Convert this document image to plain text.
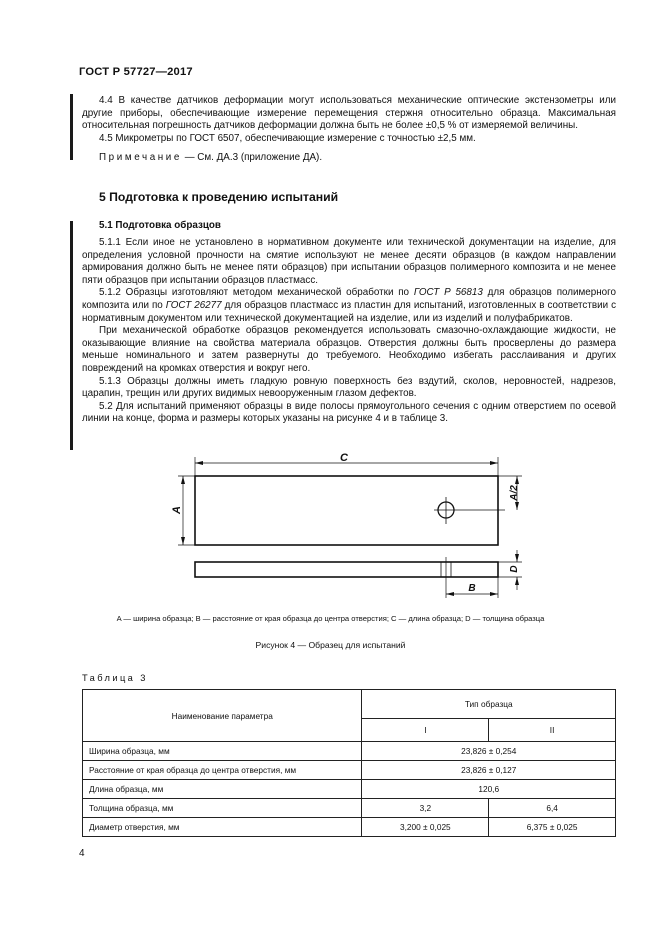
ГОСТ Р 57727—2017

4.4 В качестве датчиков деформации могут использоваться механические оптические экстензометры или другие приборы, обеспечивающие измерение перемещения стержня относительно образца. Максимальная относительная погрешность датчиков деформации должна быть не более ±0,5 % от измеряемой величины.

4.5 Микрометры по ГОСТ 6507, обеспечивающие измерение с точностью ±2,5 мм.

Примечание — См. ДА.3 (приложение ДА).

5 Подготовка к проведению испытаний
5.1 Подготовка образцов

5.1.1 Если иное не установлено в нормативном документе или технической документации на изделие, для определения условной прочности на смятие используют не менее десяти образцов (в каждом направлении армирования должно быть не менее пяти образцов) при испытании образцов полимерного композита и не менее пяти образцов при испытании образцов пластмасс.

5.1.2 Образцы изготовляют методом механической обработки по ГОСТ Р 56813 для образцов полимерного композита или по ГОСТ 26277 для образцов пластмасс из пластин для испытаний, изготовленных в соответствии с нормативным документом или технической документацией на изделие, или из изделий и полуфабрикатов.

При механической обработке образцов рекомендуется использовать смазочно-охлаждающие жидкости, не оказывающие влияние на свойства материала образцов. Отверстия должны быть просверлены до размера меньше номинального и затем развернуты до требуемого. Необходимо избегать расслаивания и других повреждений на кромках отверстия и вокруг него.

5.1.3 Образцы должны иметь гладкую ровную поверхность без вздутий, сколов, неровностей, надрезов, царапин, трещин или других видимых невооруженным глазом дефектов.

5.2 Для испытаний применяют образцы в виде полосы прямоугольного сечения с одним отверстием по осевой линии на конце, форма и размеры которых указаны на рисунке 4 и в таблице 3.

C
A
A/2
D
B
A — ширина образца; B — расстояние от края образца до центра отверстия; C — длина образца; D — толщина образца
Рисунок 4 — Образец для испытаний
Таблица 3
Наименование параметра	Тип образца	
	I	II
Ширина образца, мм	23,826 ± 0,254	
Расстояние от края образца до центра отверстия, мм	23,826 ± 0,127	
Длина образца, мм	120,6	
Толщина образца, мм	3,2	6,4
Диаметр отверстия, мм	3,200 ± 0,025	6,375 ± 0,025
4
